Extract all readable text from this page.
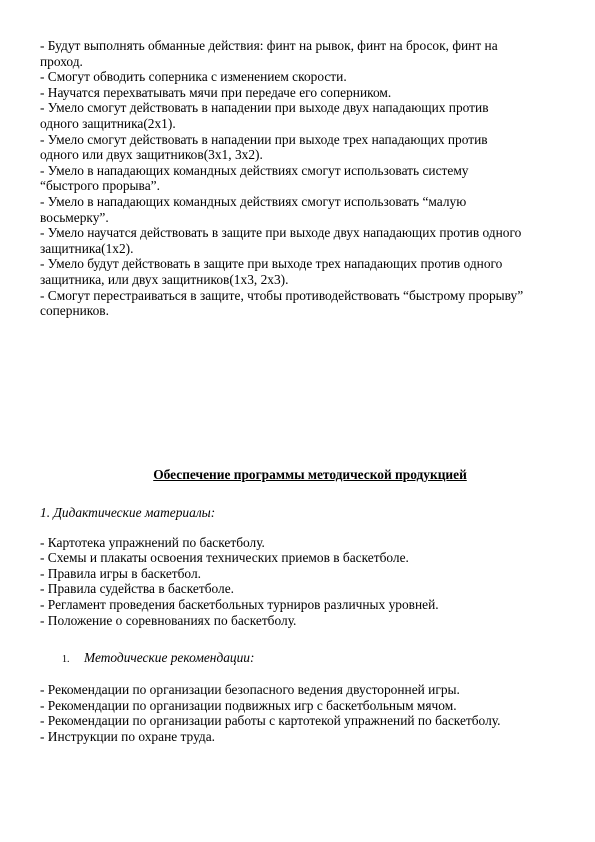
- Будут выполнять обманные действия: финт на рывок, финт на бросок, финт на
проход.
- Смогут обводить соперника с изменением скорости.
- Научатся перехватывать мячи при передаче его соперником.
- Умело смогут действовать в нападении при выходе двух нападающих против
одного защитника(2х1).
- Умело смогут действовать в нападении при выходе трех нападающих против
одного или двух защитников(3х1, 3х2).
- Умело в нападающих командных действиях смогут использовать систему
“быстрого прорыва”.
- Умело в нападающих командных действиях смогут использовать “малую
восьмерку”.
- Умело научатся действовать в защите при выходе двух нападающих против одного
защитника(1х2).
- Умело будут действовать в защите при выходе трех нападающих против одного
защитника, или двух защитников(1х3, 2х3).
- Смогут перестраиваться в защите, чтобы противодействовать “быстрому прорыву”
соперников.
Обеспечение программы методической продукцией
1. Дидактические материалы:
- Картотека упражнений по баскетболу.
- Схемы и плакаты освоения технических приемов в баскетболе.
- Правила игры в баскетбол.
- Правила судейства в баскетболе.
- Регламент проведения баскетбольных турниров различных уровней.
- Положение о соревнованиях по баскетболу.
1. Методические рекомендации:
- Рекомендации по организации безопасного ведения двусторонней игры.
- Рекомендации по организации подвижных игр с баскетбольным мячом.
- Рекомендации по организации работы с картотекой упражнений по баскетболу.
- Инструкции по охране труда.
